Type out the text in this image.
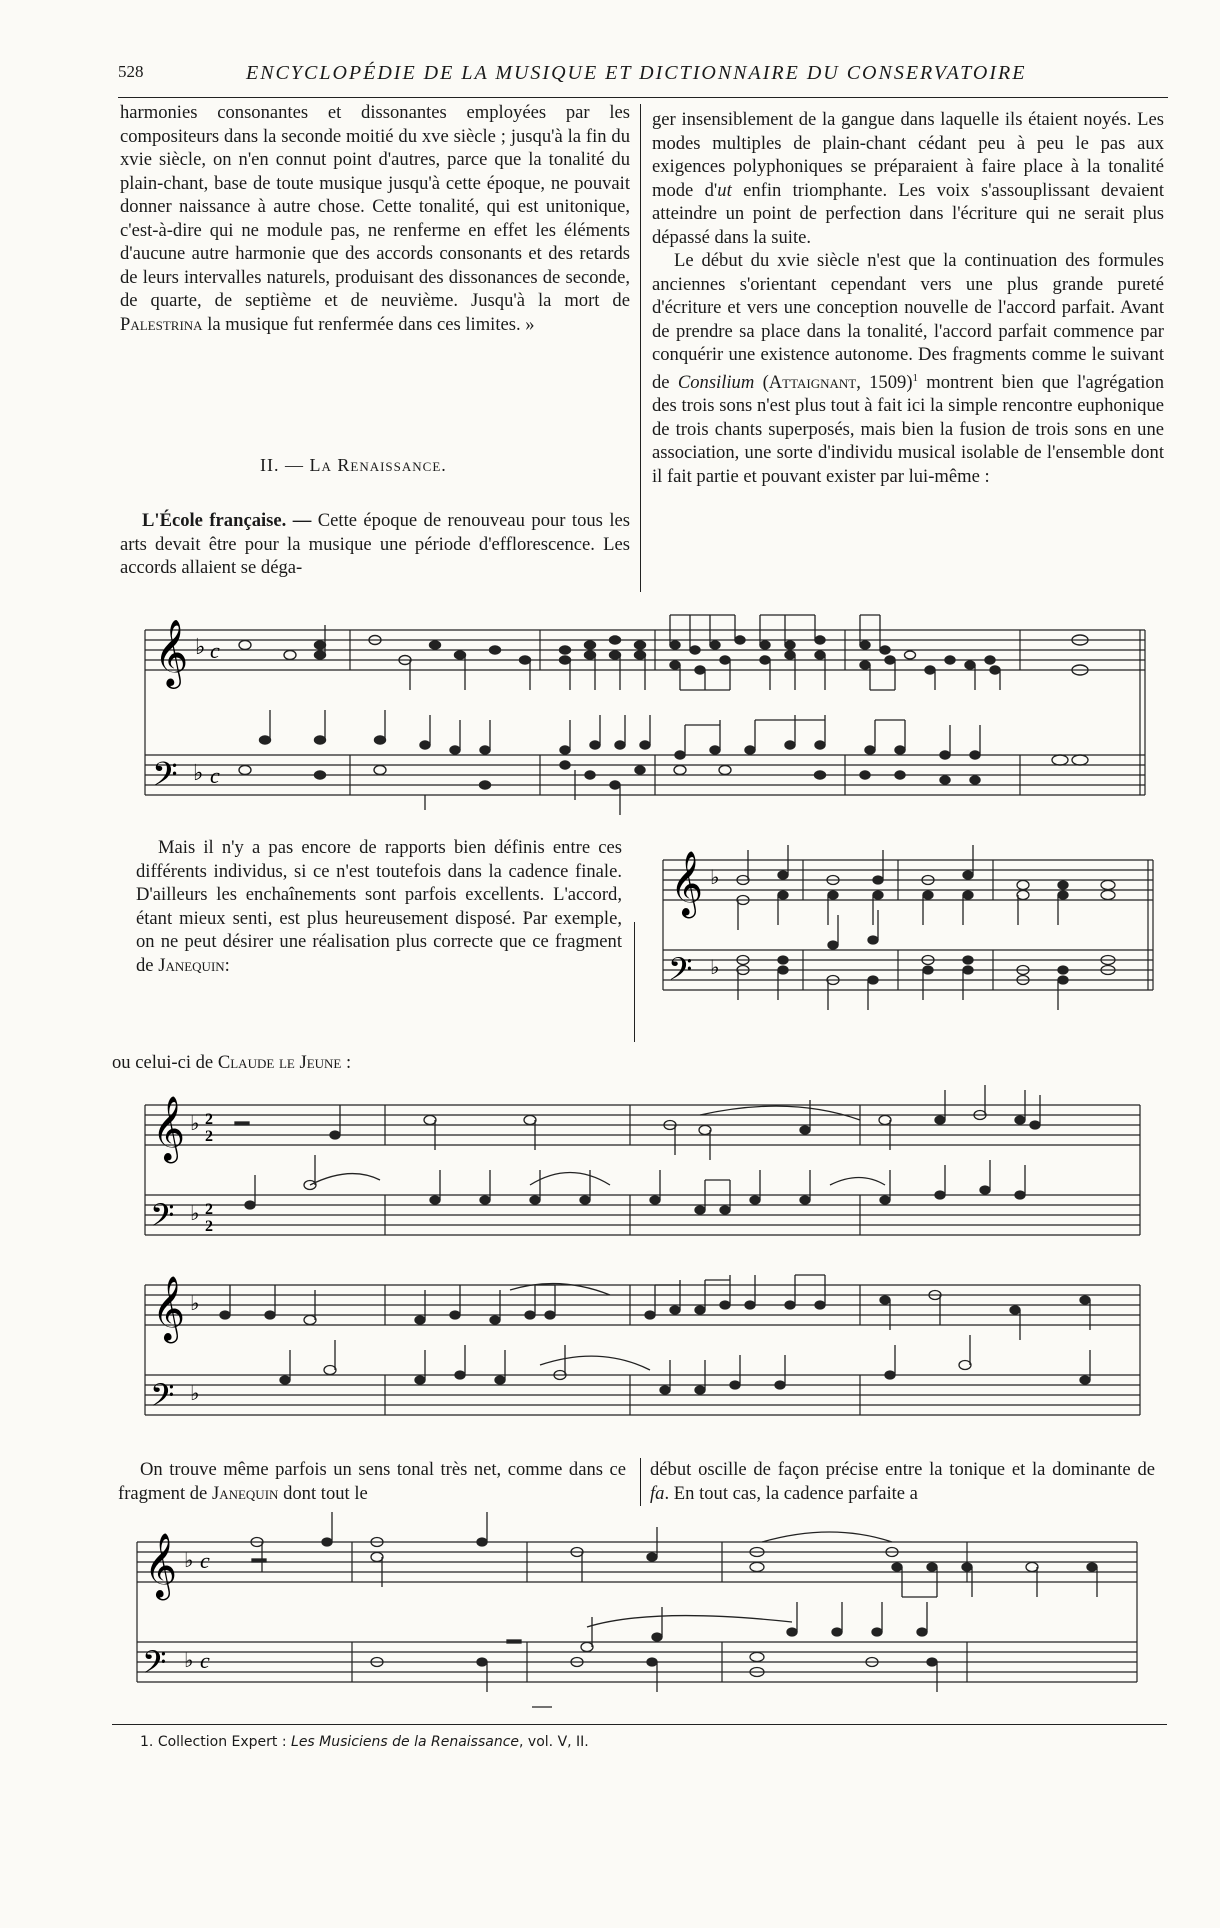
528	ENCYCLOPÉDIE DE LA MUSIQUE ET DICTIONNAIRE DU CONSERVATOIRE

harmonies consonantes et dissonantes employées par les compositeurs dans la seconde moitié du xve siècle ; jusqu'à la fin du xvie siècle, on n'en connut point d'autres, parce que la tonalité du plain-chant, base de toute musique jusqu'à cette époque, ne pouvait donner naissance à autre chose. Cette tonalité, qui est unitonique, c'est-à-dire qui ne module pas, ne renferme en effet les éléments d'aucune autre harmonie que des accords consonants et des retards de leurs intervalles naturels, produisant des dissonances de seconde, de quarte, de septième et de neuvième. Jusqu'à la mort de Palestrina la musique fut renfermée dans ces limites. »

II. — La Renaissance.

L'École française. — Cette époque de renouveau pour tous les arts devait être pour la musique une période d'efflorescence. Les accords allaient se déga-

ger insensiblement de la gangue dans laquelle ils étaient noyés. Les modes multiples de plain-chant cédant peu à peu le pas aux exigences polyphoniques se préparaient à faire place à la tonalité mode d'ut enfin triomphante. Les voix s'assouplissant devaient atteindre un point de perfection dans l'écriture qui ne serait plus dépassé dans la suite.

Le début du xvie siècle n'est que la continuation des formules anciennes s'orientant cependant vers une plus grande pureté d'écriture et vers une conception nouvelle de l'accord parfait. Avant de prendre sa place dans la tonalité, l'accord parfait commence par conquérir une existence autonome. Des fragments comme le suivant de Consilium (Attaignant, 1509)$^1$ montrent bien que l'agrégation des trois sons n'est plus tout à fait ici la simple rencontre euphonique de trois chants superposés, mais bien la fusion de trois sons en une association, une sorte d'individu musical isolable de l'ensemble dont il fait partie et pouvant exister par lui-même :

𝄞
𝄢
♭
♭
c
c

Mais il n'y a pas encore de rapports bien définis entre ces différents individus, si ce n'est toutefois dans la cadence finale. D'ailleurs les enchaînements sont parfois excellents. L'accord, étant mieux senti, est plus heureusement disposé. Par exemple, on ne peut désirer une réalisation plus correcte que ce fragment de Janequin:

𝄞
𝄢
♭
♭

ou celui-ci de Claude le Jeune :

𝄞
𝄢
𝄞
𝄢
♭
♭
♭
♭
2
2
2
2

On trouve même parfois un sens tonal très net, comme dans ce fragment de Janequin dont tout le

début oscille de façon précise entre la tonique et la dominante de fa. En tout cas, la cadence parfaite a

𝄞
𝄢
♭
♭
c
c
1. Collection Expert : Les Musiciens de la Renaissance, vol. V, II.
